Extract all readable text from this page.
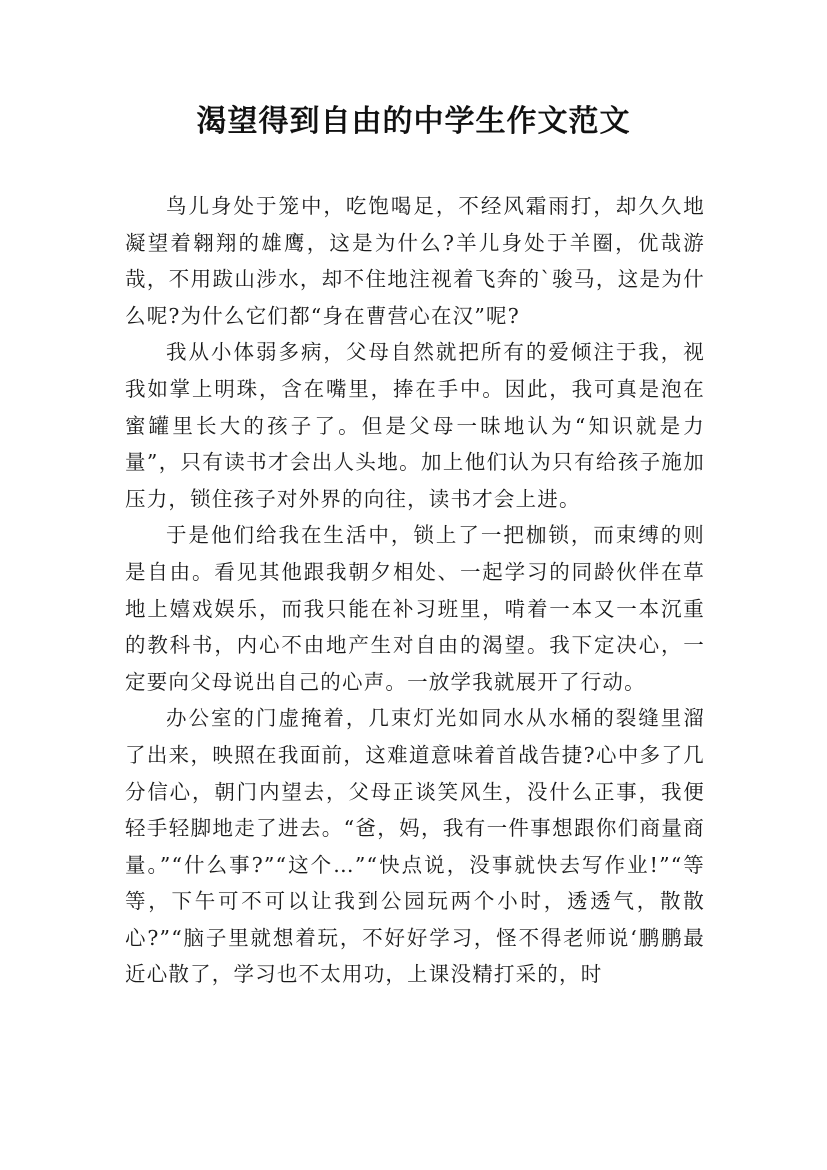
渴望得到自由的中学生作文范文

鸟儿身处于笼中，吃饱喝足，不经风霜雨打，却久久地凝望着翱翔的雄鹰，这是为什么?羊儿身处于羊圈，优哉游哉，不用跋山涉水，却不住地注视着飞奔的`骏马，这是为什么呢?为什么它们都“身在曹营心在汉”呢?

我从小体弱多病，父母自然就把所有的爱倾注于我，视我如掌上明珠，含在嘴里，捧在手中。因此，我可真是泡在蜜罐里长大的孩子了。但是父母一昧地认为“知识就是力量”，只有读书才会出人头地。加上他们认为只有给孩子施加压力，锁住孩子对外界的向往，读书才会上进。

于是他们给我在生活中，锁上了一把枷锁，而束缚的则是自由。看见其他跟我朝夕相处、一起学习的同龄伙伴在草地上嬉戏娱乐，而我只能在补习班里，啃着一本又一本沉重的教科书，内心不由地产生对自由的渴望。我下定决心，一定要向父母说出自己的心声。一放学我就展开了行动。

办公室的门虚掩着，几束灯光如同水从水桶的裂缝里溜了出来，映照在我面前，这难道意味着首战告捷?心中多了几分信心，朝门内望去，父母正谈笑风生，没什么正事，我便轻手轻脚地走了进去。“爸，妈，我有一件事想跟你们商量商量。”“什么事?”“这个…”“快点说，没事就快去写作业!”“等等，下午可不可以让我到公园玩两个小时，透透气，散散心?”“脑子里就想着玩，不好好学习，怪不得老师说‘鹏鹏最近心散了，学习也不太用功，上课没精打采的，时
